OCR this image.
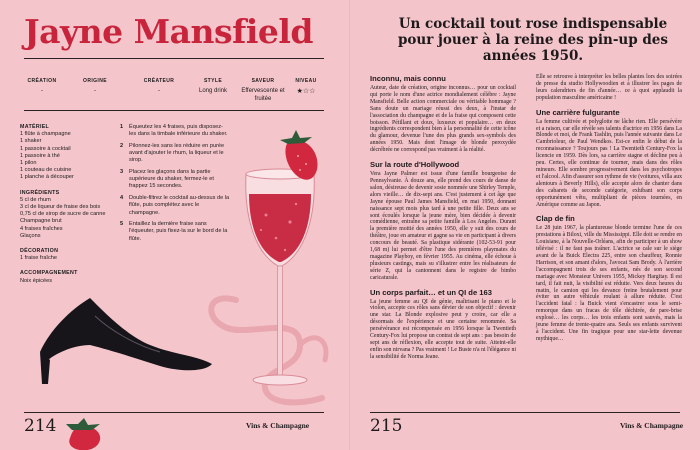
Jayne Mansfield
CRÉATION
-
ORIGINE
-
CRÉATEUR
-
STYLE
Long drink
SAVEUR
Effervescente et fruitée
NIVEAU
★☆☆
MATÉRIEL
1 flûte à champagne
1 shaker
1 passoire à cocktail
1 passoire à thé
1 pilon
1 couteau de cuisine
1 planche à découper
INGRÉDIENTS
5 cl de rhum
3 cl de liqueur de fraise des bois
0,75 cl de sirop de sucre de canne
Champagne brut
4 fraises fraîches
Glaçons
DÉCORATION
1 fraise fraîche
ACCOMPAGNEMENT
Noix épicées
1	Équeutez les 4 fraises, puis disposez-les dans la timbale inférieure du shaker.
2	Pilonnez-les sans les réduire en purée avant d'ajouter le rhum, la liqueur et le sirop.
3	Placez les glaçons dans la partie supérieure du shaker, fermez-le et frappez 15 secondes.
4	Double-filtrez le cocktail au-dessus de la flûte, puis complétez avec le champagne.
5	Entaillez la dernière fraise sans l'équeuter, puis fixez-la sur le bord de la flûte.
214	Vins & Champagne
Un cocktail tout rose indispensable pour jouer à la reine des pin-up des années 1950.
Inconnu, mais connu

Auteur, date de création, origine inconnus… pour un cocktail qui porte le nom d'une actrice mondialement célèbre : Jayne Mansfield. Belle action commerciale ou véritable hommage ? Sans doute un mariage réussi des deux, à l'instar de l'association du champagne et de la fraise qui composent cette boisson. Pétillant et doux, luxueux et populaire… en deux ingrédients correspondent bien à la personnalité de cette icône du glamour, devenue l'une des plus grands sex-symbols des années 1950. Mais dont l'image de blonde peroxydée décrébrée ne correspond pas vraiment à la réalité.

Sur la route d'Hollywood

Vera Jayne Palmer est issue d'une famille bourgeoise de Pennsylvanie. À douze ans, elle prend des cours de danse de salon, désireuse de devenir sosie nommée une Shirley Temple, alors vieille… de dix-sept ans. C'est justement à cet âge que Jayne épouse Paul James Mansfield, en mai 1950, donnant naissance sept mois plus tard à une petite fille. Deux ans se sont écoulés lorsque la jeune mère, bien décidée à devenir comédienne, entraîne sa petite famille à Los Angeles. Durant la première moitié des années 1950, elle y suit des cours de théâtre, joue en amateur et gagne sa vie en participant à divers concours de beauté. Sa plastique sidérante (102-53-91 pour 1,68 m) lui permet d'être l'une des premières playmates du magazine Playboy, en février 1955. Au cinéma, elle échoue à plusieurs castings, mais su s'illustrer entre les réalisateurs de série Z, qui la cantonnent dans le registre de bimbo caricaturale.

Un corps parfait… et un QI de 163

La jeune femme au QI de génie, maîtrisant le piano et le violon, accepte ces rôles sans dévier de son objectif : devenir une star. La Blonde explosive peut y croire, car elle a désormais de l'expérience et une certaine renommée. Sa persévérance est récompensée en 1956 lorsque la Twentieth Century-Fox lui propose un contrat de sept ans : pas besoin de sept ans de réflexion, elle accepte tout de suite. Atteint-elle enfin son nirvana ? Pas vraiment ! Le Buste n'a ni l'élégance ni la sensibilité de Norma Jeane.

Elle se retrouve à interpréter les belles plantes lors des soirées de presse du studio Hollywoodien et à illustrer les pages de leurs calendriers de fin d'année… ce à quoi applaudit la population masculine américaine !

Une carrière fulgurante

La femme cultivée et polyglotte ne lâche rien. Elle persévère et a raison, car elle révèle ses talents d'actrice en 1956 dans La Blonde et moi, de Frank Tashlin, puis l'année suivante dans Le Cambrioleur, de Paul Wendkos. Est-ce enfin le début de la reconnaissance ? Toujours pas ! La Twentieth Century-Fox la licencie en 1959. Dès lors, sa carrière stagne et décline peu à peu. Certes, elle continue de tourner, mais dans des rôles mineurs. Elle sombre progressivement dans les psychotropes et l'alcool. Afin d'assurer son rythme de vie (voitures, villa aux alentours à Beverly Hills), elle accepte alors de chanter dans des cabarets de seconde catégorie, exhibant son corps opportunément vêtu, multipliant de pièces tournées, en Amérique comme au Japon.

Clap de fin

Le 28 juin 1967, la plantureuse blonde termine l'une de ces prestations à Biloxi, ville du Mississippi. Elle doit se rendre en Louisiane, à la Nouvelle-Orléans, afin de participer à un show télévisé : il ne faut pas traîner. L'actrice se cale sur le siège avant de la Buick Electra 225, entre son chauffeur, Ronnie Harrison, et son amant d'alors, l'avocat Sam Brody. À l'arrière l'accompagnent trois de ses enfants, nés de son second mariage avec Monsieur Univers 1955, Mickey Hargitay. Il est tard, il fait nuit, la visibilité est réduite. Vers deux heures du matin, le camion qui les devance freine brutalement pour éviter un autre véhicule roulant à allure réduite. C'est l'accident fatal : la Buick vient s'encastrer sous le semi-remorque dans un fracas de tôle déchirée, de pare-brise explosé… les corps… les trois enfants sont sauvés, mais la jeune femme de trente-quatre ans. Seuls ses enfants survivent à l'accident. Une fin tragique pour une star-lette devenue mythique…

215	Vins & Champagne
